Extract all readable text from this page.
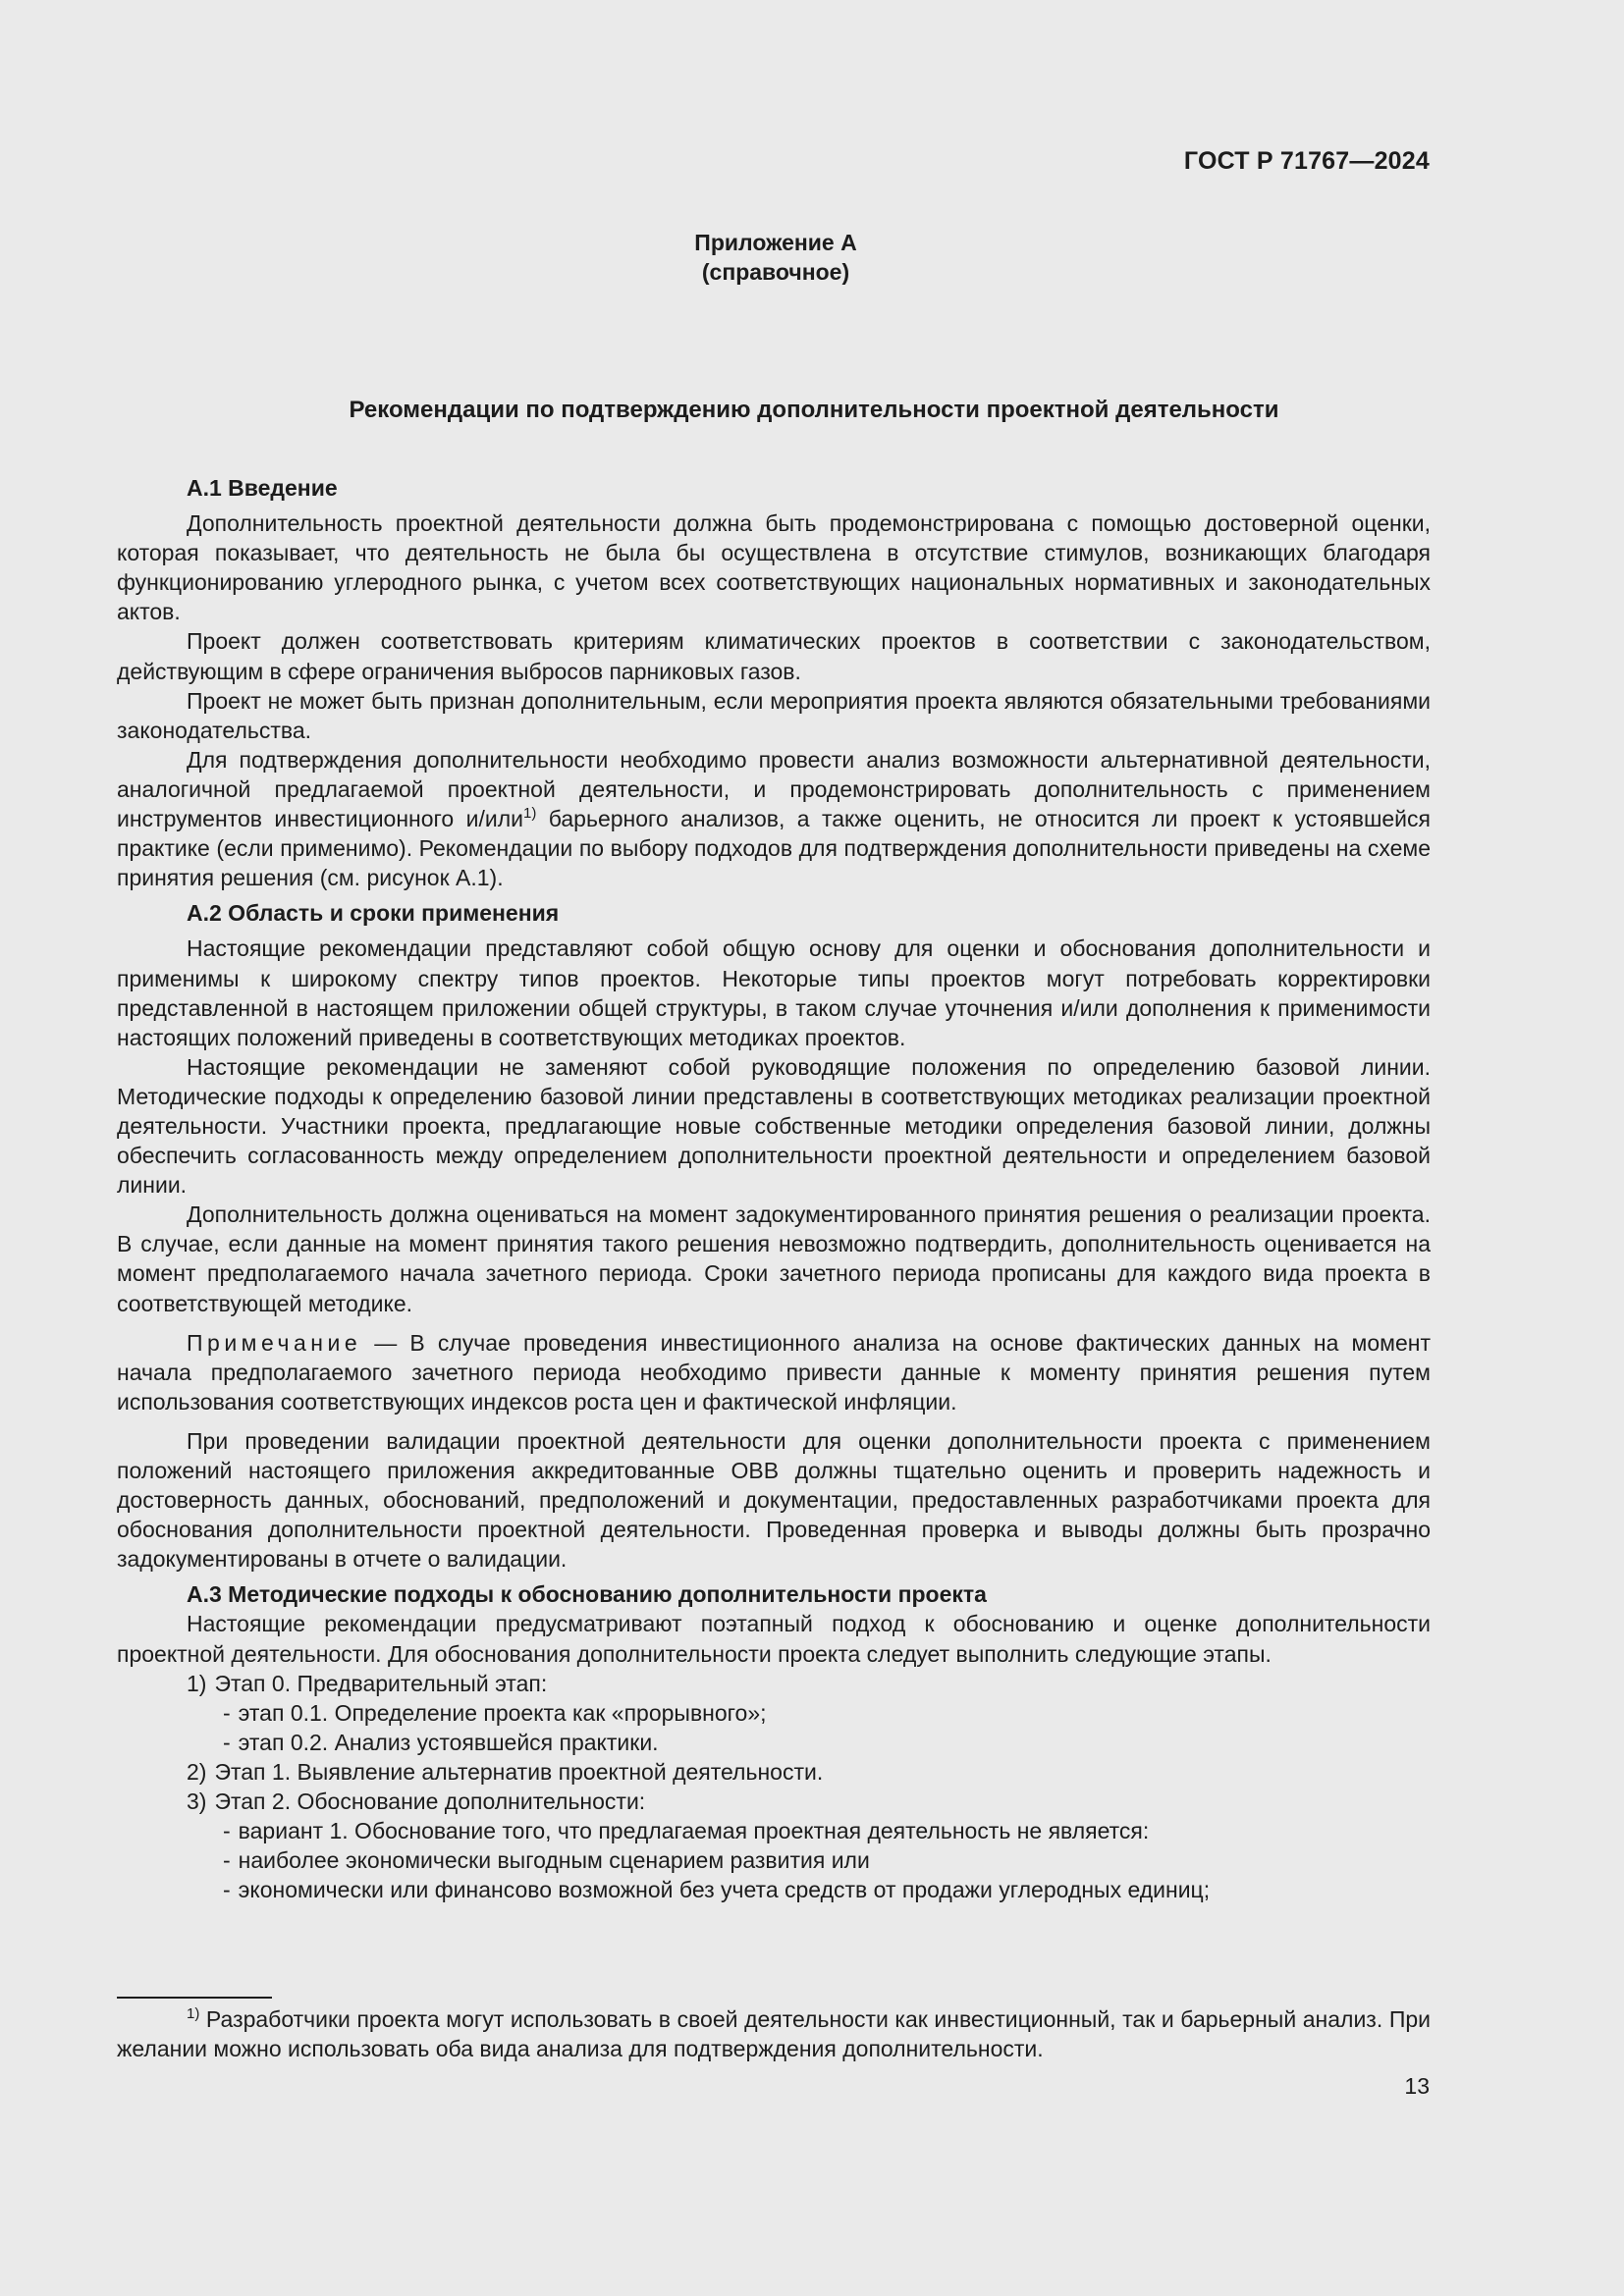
ГОСТ Р 71767—2024
Приложение А
(справочное)
Рекомендации по подтверждению дополнительности проектной деятельности
А.1 Введение

Дополнительность проектной деятельности должна быть продемонстрирована с помощью достоверной оценки, которая показывает, что деятельность не была бы осуществлена в отсутствие стимулов, возникающих благодаря функционированию углеродного рынка, с учетом всех соответствующих национальных нормативных и законодательных актов.

Проект должен соответствовать критериям климатических проектов в соответствии с законодательством, действующим в сфере ограничения выбросов парниковых газов.

Проект не может быть признан дополнительным, если мероприятия проекта являются обязательными требованиями законодательства.

Для подтверждения дополнительности необходимо провести анализ возможности альтернативной деятельности, аналогичной предлагаемой проектной деятельности, и продемонстрировать дополнительность с применением инструментов инвестиционного и/или$^{1)}$ барьерного анализов, а также оценить, не относится ли проект к устоявшейся практике (если применимо). Рекомендации по выбору подходов для подтверждения дополнительности приведены на схеме принятия решения (см. рисунок А.1).

А.2 Область и сроки применения

Настоящие рекомендации представляют собой общую основу для оценки и обоснования дополнительности и применимы к широкому спектру типов проектов. Некоторые типы проектов могут потребовать корректировки представленной в настоящем приложении общей структуры, в таком случае уточнения и/или дополнения к применимости настоящих положений приведены в соответствующих методиках проектов.

Настоящие рекомендации не заменяют собой руководящие положения по определению базовой линии. Методические подходы к определению базовой линии представлены в соответствующих методиках реализации проектной деятельности. Участники проекта, предлагающие новые собственные методики определения базовой линии, должны обеспечить согласованность между определением дополнительности проектной деятельности и определением базовой линии.

Дополнительность должна оцениваться на момент задокументированного принятия решения о реализации проекта. В случае, если данные на момент принятия такого решения невозможно подтвердить, дополнительность оценивается на момент предполагаемого начала зачетного периода. Сроки зачетного периода прописаны для каждого вида проекта в соответствующей методике.

Примечание — В случае проведения инвестиционного анализа на основе фактических данных на момент начала предполагаемого зачетного периода необходимо привести данные к моменту принятия решения путем использования соответствующих индексов роста цен и фактической инфляции.

При проведении валидации проектной деятельности для оценки дополнительности проекта с применением положений настоящего приложения аккредитованные ОВВ должны тщательно оценить и проверить надежность и достоверность данных, обоснований, предположений и документации, предоставленных разработчиками проекта для обоснования дополнительности проектной деятельности. Проведенная проверка и выводы должны быть прозрачно задокументированы в отчете о валидации.

А.3 Методические подходы к обоснованию дополнительности проекта

Настоящие рекомендации предусматривают поэтапный подход к обоснованию и оценке дополнительности проектной деятельности. Для обоснования дополнительности проекта следует выполнить следующие этапы.

1) Этап 0. Предварительный этап:
- этап 0.1. Определение проекта как «прорывного»;
- этап 0.2. Анализ устоявшейся практики.
2) Этап 1. Выявление альтернатив проектной деятельности.
3) Этап 2. Обоснование дополнительности:
- вариант 1. Обоснование того, что предлагаемая проектная деятельность не является:
- наиболее экономически выгодным сценарием развития или
- экономически или финансово возможной без учета средств от продажи углеродных единиц;
$^{1)}$ Разработчики проекта могут использовать в своей деятельности как инвестиционный, так и барьерный анализ. При желании можно использовать оба вида анализа для подтверждения дополнительности.
13
